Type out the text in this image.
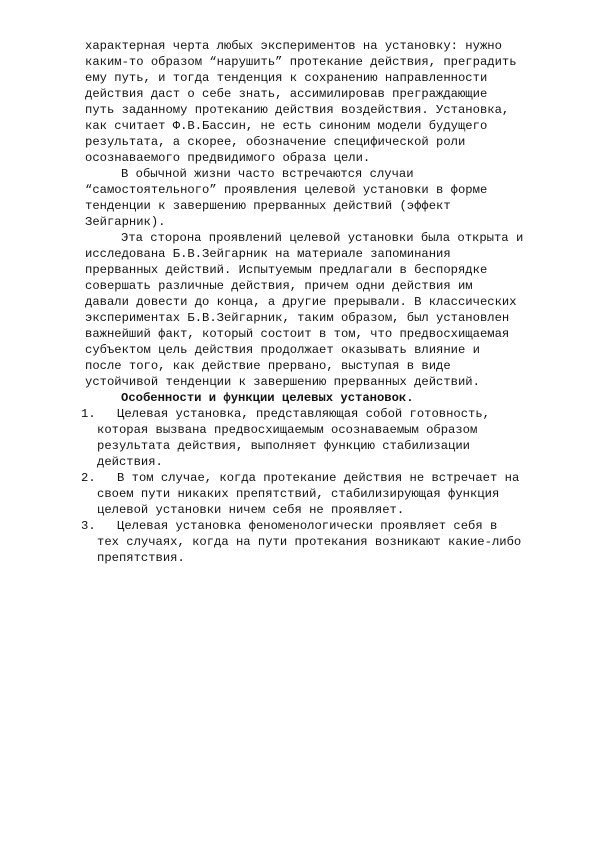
характерная черта любых экспериментов на установку: нужно
каким-то образом “нарушить” протекание действия, преградить
ему путь, и тогда тенденция к сохранению направленности
действия даст о себе знать, ассимилировав преграждающие
путь заданному протеканию действия воздействия. Установка,
как считает Ф.В.Бассин, не есть синоним модели будущего
результата, а скорее, обозначение специфической роли
осознаваемого предвидимого образа цели.
В обычной жизни часто встречаются случаи
“самостоятельного” проявления целевой установки в форме
тенденции к завершению прерванных действий (эффект
Зейгарник).
Эта сторона проявлений целевой установки была открыта и
исследована Б.В.Зейгарник на материале запоминания
прерванных действий. Испытуемым предлагали в беспорядке
совершать различные действия, причем одни действия им
давали довести до конца, а другие прерывали. В классических
экспериментах Б.В.Зейгарник, таким образом, был установлен
важнейший факт, который состоит в том, что предвосхищаемая
субъектом цель действия продолжает оказывать влияние и
после того, как действие прервано, выступая в виде
устойчивой тенденции к завершению прерванных действий.
Особенности и функции целевых установок.
1.	Целевая установка, представляющая собой готовность,
которая вызвана предвосхищаемым осознаваемым образом
результата действия, выполняет функцию стабилизации
действия.
2.	В том случае, когда протекание действия не встречает на
своем пути никаких препятствий, стабилизирующая функция
целевой установки ничем себя не проявляет.
3.	Целевая установка феноменологически проявляет себя в
тех случаях, когда на пути протекания возникают какие-либо
препятствия.
